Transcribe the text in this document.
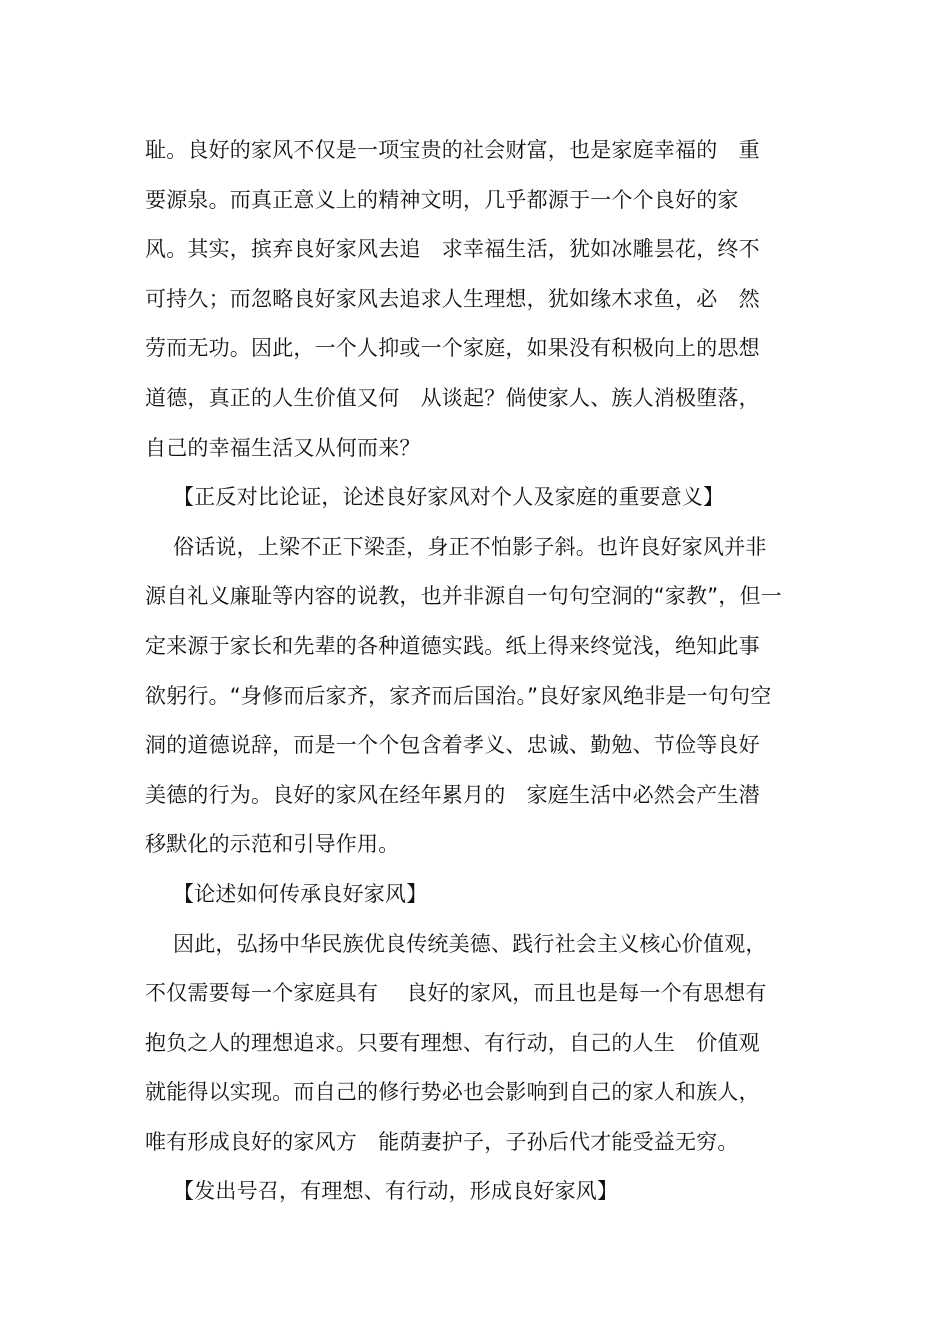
耻。良好的家风不仅是一项宝贵的社会财富，也是家庭幸福的　重
要源泉。而真正意义上的精神文明，几乎都源于一个个良好的家
风。其实，摈弃良好家风去追　求幸福生活，犹如冰雕昙花，终不
可持久；而忽略良好家风去追求人生理想，犹如缘木求鱼，必　然
劳而无功。因此，一个人抑或一个家庭，如果没有积极向上的思想
道德，真正的人生价值又何　从谈起？倘使家人、族人消极堕落，
自己的幸福生活又从何而来？
【正反对比论证，论述良好家风对个人及家庭的重要意义】
俗话说，上梁不正下梁歪，身正不怕影子斜。也许良好家风并非
源自礼义廉耻等内容的说教，也并非源自一句句空洞的“家教”，但一
定来源于家长和先辈的各种道德实践。纸上得来终觉浅，绝知此事
欲躬行。“身修而后家齐，家齐而后国治。”良好家风绝非是一句句空
洞的道德说辞，而是一个个包含着孝义、忠诚、勤勉、节俭等良好
美德的行为。良好的家风在经年累月的　家庭生活中必然会产生潜
移默化的示范和引导作用。
【论述如何传承良好家风】
因此，弘扬中华民族优良传统美德、践行社会主义核心价值观，
不仅需要每一个家庭具有　 良好的家风，而且也是每一个有思想有
抱负之人的理想追求。只要有理想、有行动，自己的人生　价值观
就能得以实现。而自己的修行势必也会影响到自己的家人和族人，
唯有形成良好的家风方　能荫妻护子，子孙后代才能受益无穷。
【发出号召，有理想、有行动，形成良好家风】
